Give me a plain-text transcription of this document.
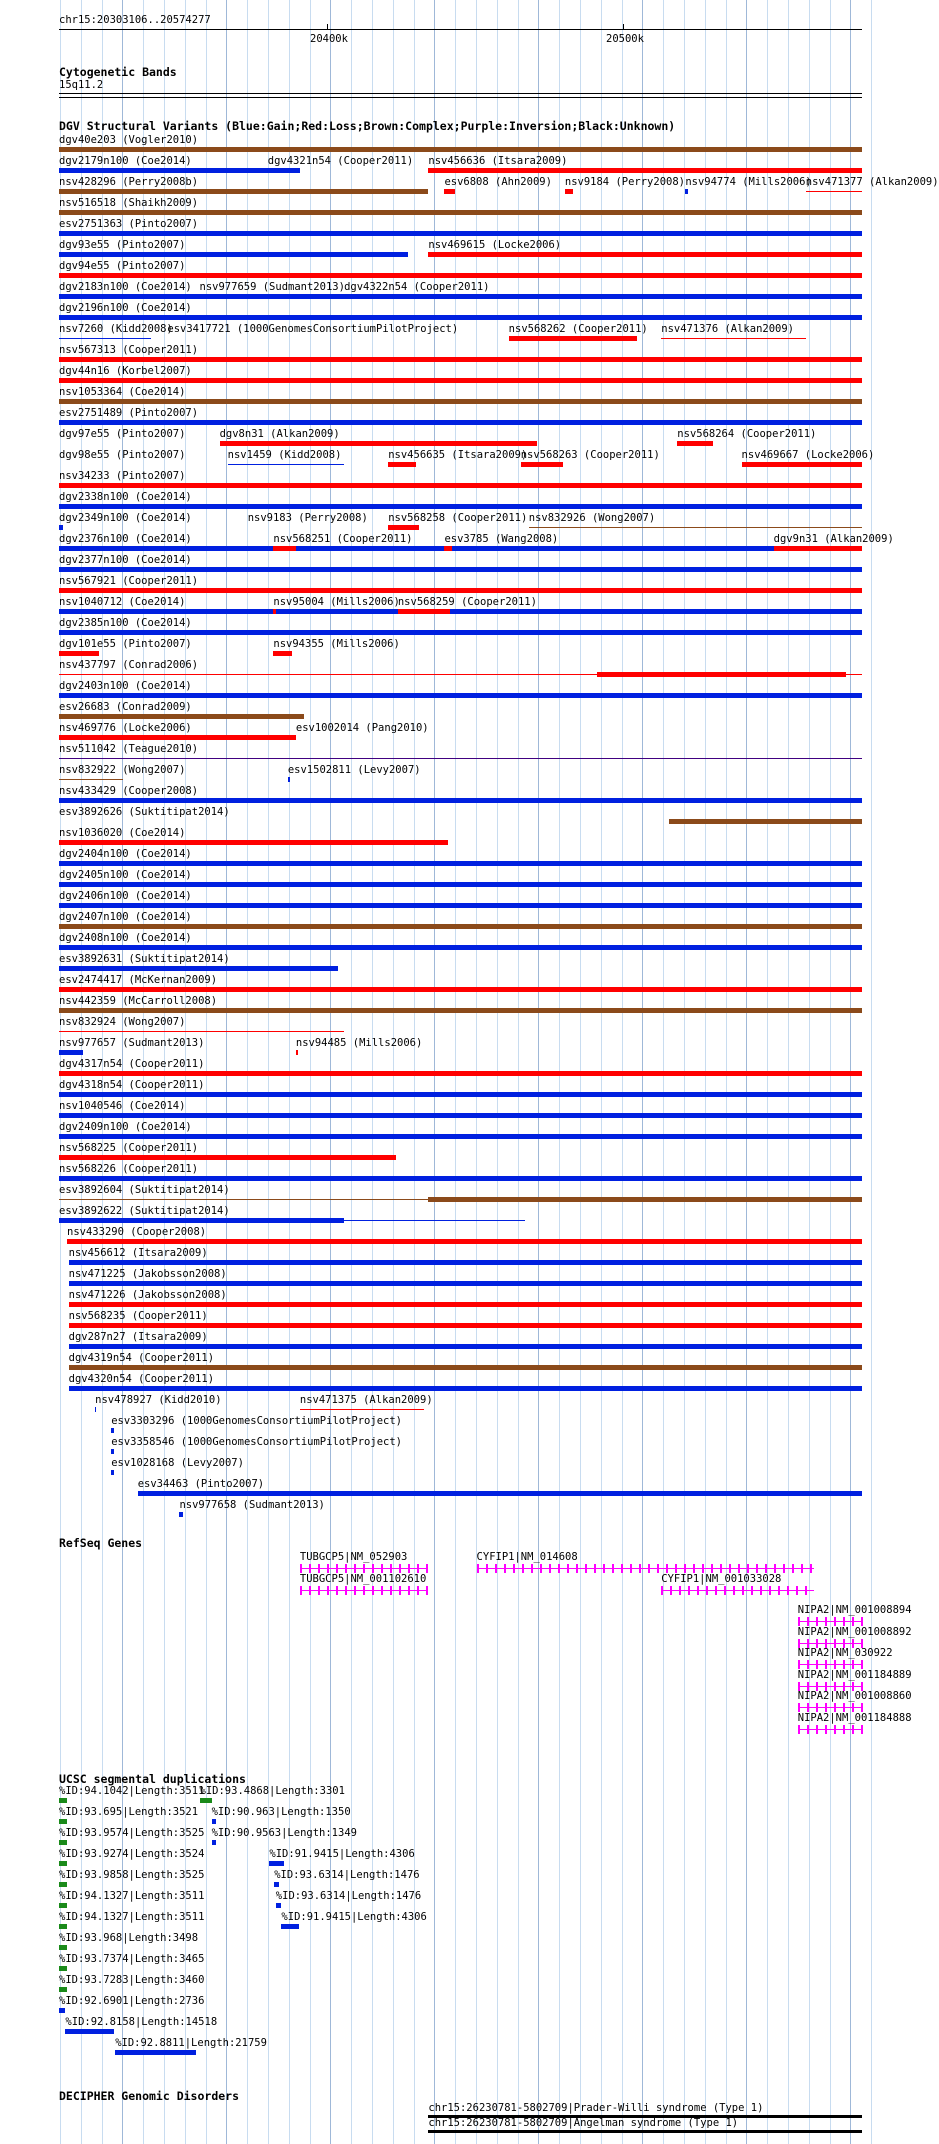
chr15:20303106..20574277
20400k	20500k
Cytogenetic Bands
15q11.2
DGV Structural Variants (Blue:Gain;Red:Loss;Brown:Complex;Purple:Inversion;Black:Unknown)
dgv40e203 (Vogler2010)
dgv2179n100 (Coe2014)	dgv4321n54 (Cooper2011) nsv456636 (Itsara2009)
nsv428296 (Perry2008b)	esv6808 (Ahn2009) nsv9184 (Perry2008) nsv94774 (Mills2006)
nsv471377 (Alkan2009)
nsv516518 (Shaikh2009)
esv2751363 (Pinto2007)
dgv93e55 (Pinto2007)	nsv469615 (Locke2006)
dgv94e55 (Pinto2007)
dgv2183n100 (Coe2014) nsv977659 (Sudmant2013) dgv4322n54 (Cooper2011)
dgv2196n100 (Coe2014)
nsv7260 (Kidd2008)
esv3417721 (1000GenomesConsortiumPilotProject)	nsv568262 (Cooper2011) nsv471376 (Alkan2009)
nsv567313 (Cooper2011)
dgv44n16 (Korbel2007)
nsv1053364 (Coe2014)
esv2751489 (Pinto2007)
dgv97e55 (Pinto2007)	dgv8n31 (Alkan2009)	nsv568264 (Cooper2011)
dgv98e55 (Pinto2007)	nsv1459 (Kidd2008)	nsv456635 (Itsara2009)
nsv568263 (Cooper2011)	nsv469667 (Locke2006)
nsv34233 (Pinto2007)
dgv2338n100 (Coe2014)
dgv2349n100 (Coe2014)	nsv9183 (Perry2008) nsv568258 (Cooper2011) nsv832926 (Wong2007)
dgv2376n100 (Coe2014)	nsv568251 (Cooper2011)	esv3785 (Wang2008)	dgv9n31 (Alkan2009)
dgv2377n100 (Coe2014)
nsv567921 (Cooper2011)
nsv1040712 (Coe2014)	nsv95004 (Mills2006)
nsv568259 (Cooper2011)
dgv2385n100 (Coe2014)
dgv101e55 (Pinto2007)	nsv94355 (Mills2006)
nsv437797 (Conrad2006)
dgv2403n100 (Coe2014)
esv26683 (Conrad2009)
nsv469776 (Locke2006)	esv1002014 (Pang2010)
nsv511042 (Teague2010)
nsv832922 (Wong2007)	esv1502811 (Levy2007)
nsv433429 (Cooper2008)
esv3892626 (Suktitipat2014)
nsv1036020 (Coe2014)
dgv2404n100 (Coe2014)
dgv2405n100 (Coe2014)
dgv2406n100 (Coe2014)
dgv2407n100 (Coe2014)
dgv2408n100 (Coe2014)
esv3892631 (Suktitipat2014)
esv2474417 (McKernan2009)
nsv442359 (McCarroll2008)
nsv832924 (Wong2007)
nsv977657 (Sudmant2013)	nsv94485 (Mills2006)
dgv4317n54 (Cooper2011)
dgv4318n54 (Cooper2011)
nsv1040546 (Coe2014)
dgv2409n100 (Coe2014)
nsv568225 (Cooper2011)
nsv568226 (Cooper2011)
esv3892604 (Suktitipat2014)
esv3892622 (Suktitipat2014)
nsv433290 (Cooper2008)
nsv456612 (Itsara2009)
nsv471225 (Jakobsson2008)
nsv471226 (Jakobsson2008)
nsv568235 (Cooper2011)
dgv287n27 (Itsara2009)
dgv4319n54 (Cooper2011)
dgv4320n54 (Cooper2011)
nsv478927 (Kidd2010)	nsv471375 (Alkan2009)
esv3303296 (1000GenomesConsortiumPilotProject)
esv3358546 (1000GenomesConsortiumPilotProject)
esv1028168 (Levy2007)
esv34463 (Pinto2007)
nsv977658 (Sudmant2013)
RefSeq Genes
TUBGCP5|NM_052903
TUBGCP5|NM_001102610
CYFIP1|NM_014608
CYFIP1|NM_001033028
NIPA2|NM_001008894
NIPA2|NM_001008892
NIPA2|NM_030922
NIPA2|NM_001184889
NIPA2|NM_001008860
NIPA2|NM_001184888
UCSC segmental duplications
%ID:94.1042|Length:3511
%ID:93.4868|Length:3301
%ID:93.695|Length:3521 %ID:90.963|Length:1350
%ID:93.9574|Length:3525 %ID:90.9563|Length:1349
%ID:93.9274|Length:3524	%ID:91.9415|Length:4306
%ID:93.9858|Length:3525	%ID:93.6314|Length:1476
%ID:94.1327|Length:3511	%ID:93.6314|Length:1476
%ID:94.1327|Length:3511	%ID:91.9415|Length:4306
%ID:93.968|Length:3498
%ID:93.7374|Length:3465
%ID:93.7283|Length:3460
%ID:92.6901|Length:2736
%ID:92.8158|Length:14518
%ID:92.8811|Length:21759
DECIPHER Genomic Disorders
chr15:26230781-5802709|Prader-Willi syndrome (Type 1)
chr15:26230781-5802709|Angelman syndrome (Type 1)
